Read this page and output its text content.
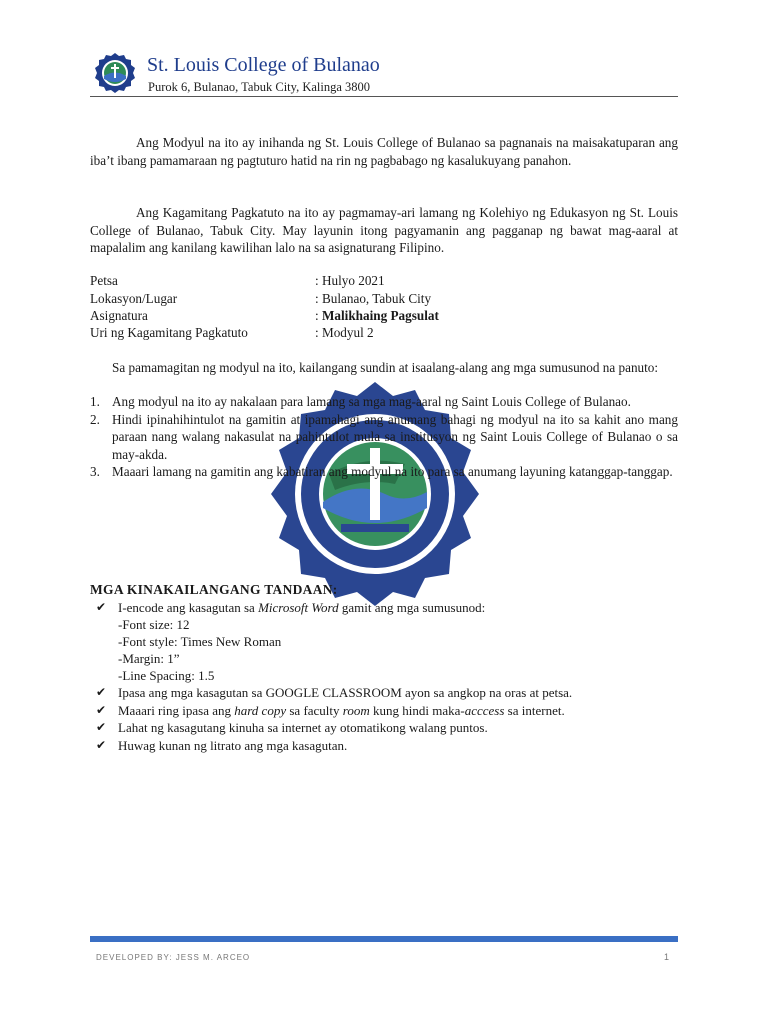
St. Louis College of Bulanao
Purok 6, Bulanao, Tabuk City, Kalinga 3800
Ang Modyul na ito ay inihanda ng St. Louis College of Bulanao sa pagnanais na maisakatuparan ang iba’t ibang pamamaraan ng pagtuturo hatid na rin ng pagbabago ng kasalukuyang panahon.
Ang Kagamitang Pagkatuto na ito ay pagmamay-ari lamang ng Kolehiyo ng Edukasyon ng St. Louis College of Bulanao, Tabuk City. May layunin itong pagyamanin ang pagganap ng bawat mag-aaral at mapalalim ang kanilang kawilihan lalo na sa asignaturang Filipino.
Petsa	: Hulyo 2021
Lokasyon/Lugar	: Bulanao, Tabuk City
Asignatura	: Malikhaing Pagsulat
Uri ng Kagamitang Pagkatuto	: Modyul 2
Sa pamamagitan ng modyul na ito, kailangang sundin at isaalang-alang ang mga sumusunod na panuto:
1. Ang modyul na ito ay nakalaan para lamang sa mga mag-aaral ng Saint Louis College of Bulanao.
2. Hindi ipinahihintulot na gamitin at ipamahagi ang anumang bahagi ng modyul na ito sa kahit ano mang paraan nang walang nakasulat na pahintulot mula sa institusyon ng Saint Louis College of Bulanao o sa may-akda.
3. Maaari lamang na gamitin ang kabatiran ang modyul na ito para sa anumang layuning katanggap-tanggap.
MGA KINAKAILANGANG TANDAAN:
✔ I-encode ang kasagutan sa Microsoft Word gamit ang mga sumusunod:
-Font size: 12
-Font style: Times New Roman
-Margin: 1”
-Line Spacing: 1.5
✔ Ipasa ang mga kasagutan sa GOOGLE CLASSROOM ayon sa angkop na oras at petsa.
✔ Maaari ring ipasa ang hard copy sa faculty room kung hindi maka-acccess sa internet.
✔ Lahat ng kasagutang kinuha sa internet ay otomatikong walang puntos.
✔ Huwag kunan ng litrato ang mga kasagutan.
DEVELOPED BY: JESS M. ARCEO	1
